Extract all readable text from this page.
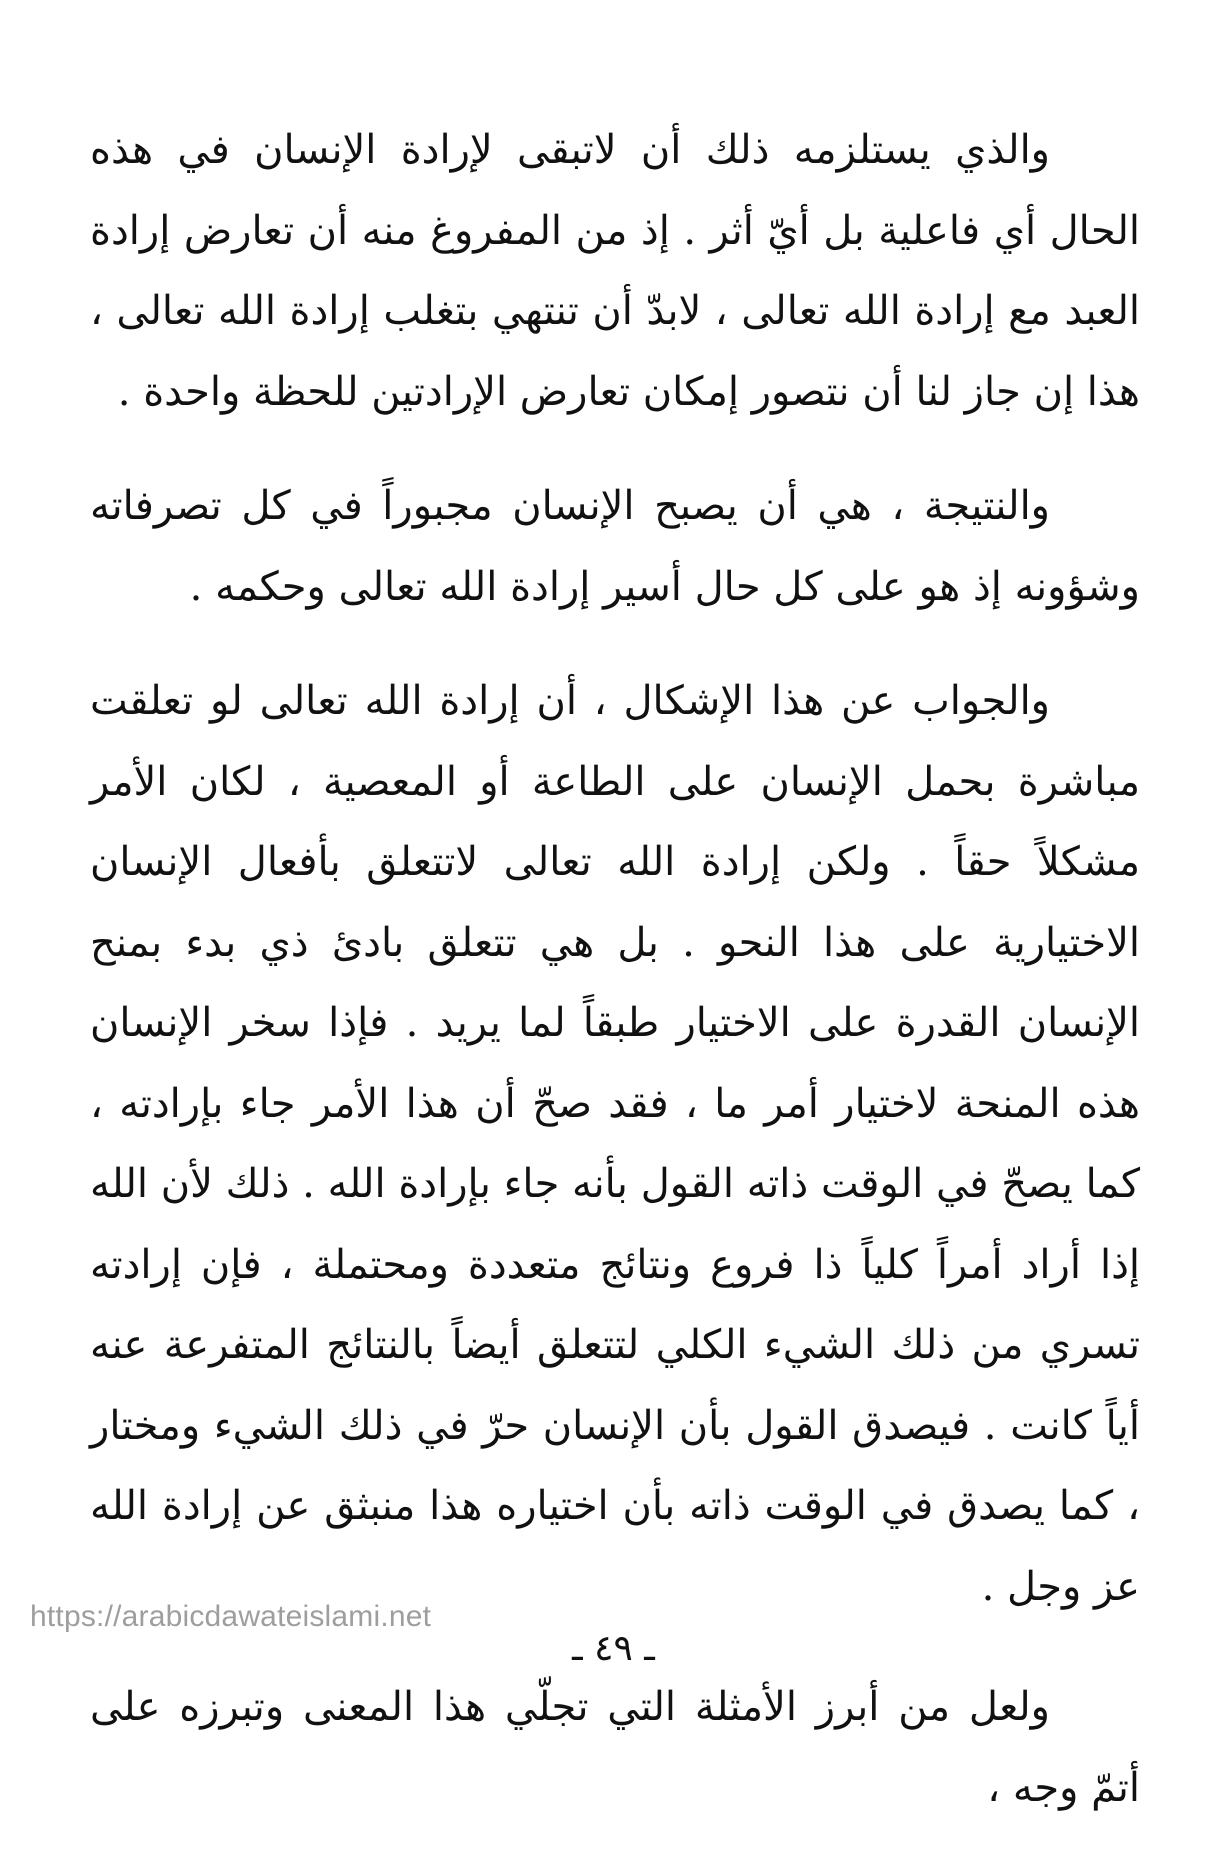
والذي يستلزمه ذلك أن لاتبقى لإرادة الإنسان في هذه الحال أي فاعلية بل أيّ أثر . إذ من المفروغ منه أن تعارض إرادة العبد مع إرادة الله تعالى ، لابدّ أن تنتهي بتغلب إرادة الله تعالى ، هذا إن جاز لنا أن نتصور إمكان تعارض الإرادتين للحظة واحدة .

والنتيجة ، هي أن يصبح الإنسان مجبوراً في كل تصرفاته وشؤونه إذ هو على كل حال أسير إرادة الله تعالى وحكمه .

والجواب عن هذا الإشكال ، أن إرادة الله تعالى لو تعلقت مباشرة بحمل الإنسان على الطاعة أو المعصية ، لكان الأمر مشكلاً حقاً . ولكن إرادة الله تعالى لاتتعلق بأفعال الإنسان الاختيارية على هذا النحو . بل هي تتعلق بادئ ذي بدء بمنح الإنسان القدرة على الاختيار طبقاً لما يريد . فإذا سخر الإنسان هذه المنحة لاختيار أمر ما ، فقد صحّ أن هذا الأمر جاء بإرادته ، كما يصحّ في الوقت ذاته القول بأنه جاء بإرادة الله . ذلك لأن الله إذا أراد أمراً كلياً ذا فروع ونتائج متعددة ومحتملة ، فإن إرادته تسري من ذلك الشيء الكلي لتتعلق أيضاً بالنتائج المتفرعة عنه أياً كانت . فيصدق القول بأن الإنسان حرّ في ذلك الشيء ومختار ، كما يصدق في الوقت ذاته بأن اختياره هذا منبثق عن إرادة الله عز وجل .

ولعل من أبرز الأمثلة التي تجلّي هذا المعنى وتبرزه على أتمّ وجه ،

https://arabicdawateislami.net
ـ ٤٩ ـ
